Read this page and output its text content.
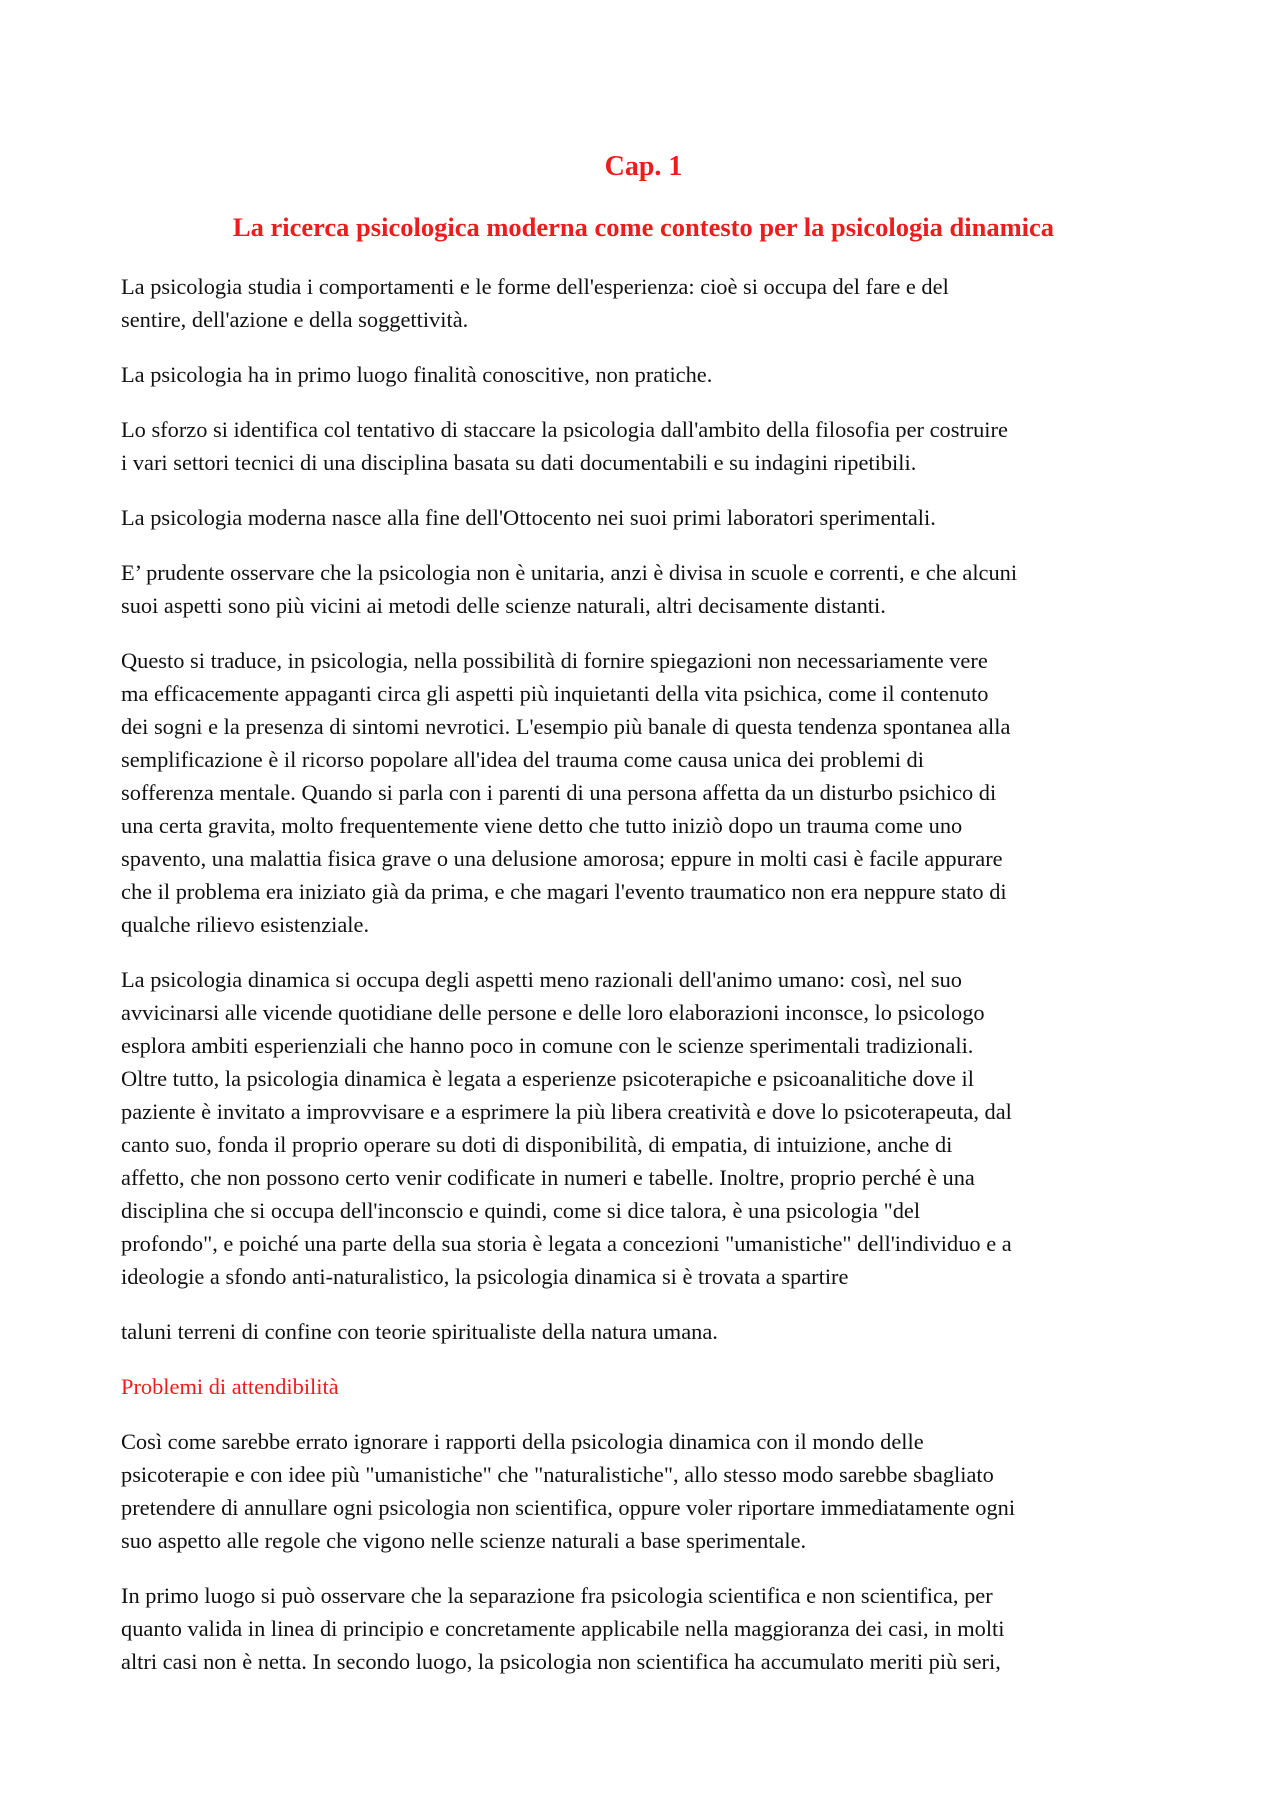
Cap. 1
La ricerca psicologica moderna come contesto per la psicologia dinamica

La psicologia studia i comportamenti e le forme dell'esperienza: cioè si occupa del fare e del
sentire, dell'azione e della soggettività.

La psicologia ha in primo luogo finalità conoscitive, non pratiche.

Lo sforzo si identifica col tentativo di staccare la psicologia dall'ambito della filosofia per costruire
i vari settori tecnici di una disciplina basata su dati documentabili e su indagini ripetibili.

La psicologia moderna nasce alla fine dell'Ottocento nei suoi primi laboratori sperimentali.

E’ prudente osservare che la psicologia non è unitaria, anzi è divisa in scuole e correnti, e che alcuni
suoi aspetti sono più vicini ai metodi delle scienze naturali, altri decisamente distanti.

Questo si traduce, in psicologia, nella possibilità di fornire spiegazioni non necessariamente vere
ma efficacemente appaganti circa gli aspetti più inquietanti della vita psichica, come il contenuto
dei sogni e la presenza di sintomi nevrotici. L'esempio più banale di questa tendenza spontanea alla
semplificazione è il ricorso popolare all'idea del trauma come causa unica dei problemi di
sofferenza mentale. Quando si parla con i parenti di una persona affetta da un disturbo psichico di
una certa gravita, molto frequentemente viene detto che tutto iniziò dopo un trauma come uno
spavento, una malattia fisica grave o una delusione amorosa; eppure in molti casi è facile appurare
che il problema era iniziato già da prima, e che magari l'evento traumatico non era neppure stato di
qualche rilievo esistenziale.

La psicologia dinamica si occupa degli aspetti meno razionali dell'animo umano: così, nel suo
avvicinarsi alle vicende quotidiane delle persone e delle loro elaborazioni inconsce, lo psicologo
esplora ambiti esperienziali che hanno poco in comune con le scienze sperimentali tradizionali.
Oltre tutto, la psicologia dinamica è legata a esperienze psicoterapiche e psicoanalitiche dove il
paziente è invitato a improvvisare e a esprimere la più libera creatività e dove lo psicoterapeuta, dal
canto suo, fonda il proprio operare su doti di disponibilità, di empatia, di intuizione, anche di
affetto, che non possono certo venir codificate in numeri e tabelle. Inoltre, proprio perché è una
disciplina che si occupa dell'inconscio e quindi, come si dice talora, è una psicologia "del
profondo", e poiché una parte della sua storia è legata a concezioni "umanistiche" dell'individuo e a
ideologie a sfondo anti-naturalistico, la psicologia dinamica si è trovata a spartire

taluni terreni di confine con teorie spiritualiste della natura umana.

Problemi di attendibilità

Così come sarebbe errato ignorare i rapporti della psicologia dinamica con il mondo delle
psicoterapie e con idee più "umanistiche" che "naturalistiche", allo stesso modo sarebbe sbagliato
pretendere di annullare ogni psicologia non scientifica, oppure voler riportare immediatamente ogni
suo aspetto alle regole che vigono nelle scienze naturali a base sperimentale.

In primo luogo si può osservare che la separazione fra psicologia scientifica e non scientifica, per
quanto valida in linea di principio e concretamente applicabile nella maggioranza dei casi, in molti
altri casi non è netta. In secondo luogo, la psicologia non scientifica ha accumulato meriti più seri,
